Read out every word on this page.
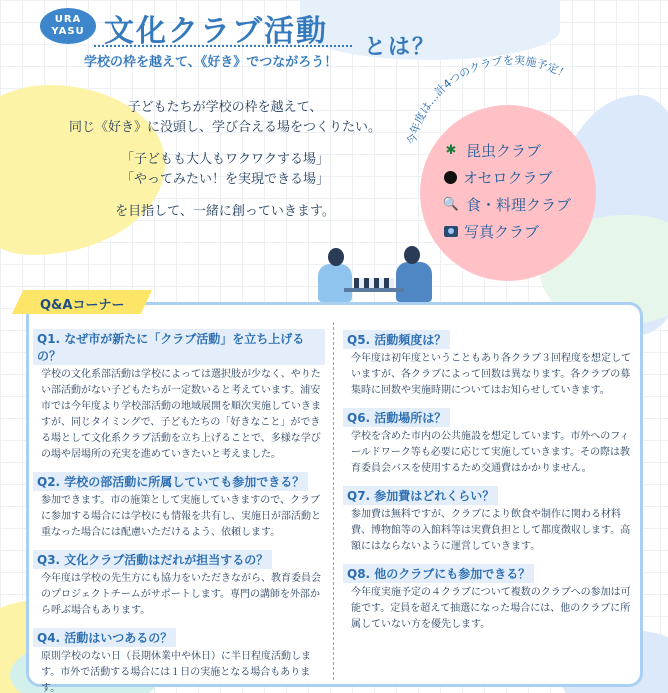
URA
YASU 文化クラブ活動 とは？
学校の枠を越えて、《好き》でつながろう！

子どもたちが学校の枠を越えて、
同じ《好き》に没頭し、学び合える場をつくりたい。

「子どもも大人もワクワクする場」
「やってみたい！を実現できる場」

を目指して、一緒に創っていきます。

今年度は…計4つのクラブを実施予定！
✱ 昆虫クラブ
オセロクラブ
🔍 食・料理クラブ
写真クラブ
Q&Aコーナー
Q1. なぜ市が新たに「クラブ活動」を立ち上げるの？
学校の文化系部活動は学校によっては選択肢が少なく、やりたい部活動がない子どもたちが一定数いると考えています。浦安市では今年度より学校部活動の地域展開を順次実施していきますが、同じタイミングで、子どもたちの「好きなこと」ができる場として文化系クラブ活動を立ち上げることで、多様な学びの場や居場所の充実を進めていきたいと考えました。
Q2. 学校の部活動に所属していても参加できる？
参加できます。市の施策として実施していきますので、クラブに参加する場合には学校にも情報を共有し、実施日が部活動と重なった場合には配慮いただけるよう、依頼します。
Q3. 文化クラブ活動はだれが担当するの？
今年度は学校の先生方にも協力をいただきながら、教育委員会のプロジェクトチームがサポートします。専門の講師を外部から呼ぶ場合もあります。
Q4. 活動はいつあるの？
原則学校のない日（長期休業中や休日）に半日程度活動します。市外で活動する場合には１日の実施となる場合もあります。
Q5. 活動頻度は？
今年度は初年度ということもあり各クラブ３回程度を想定していますが、各クラブによって回数は異なります。各クラブの募集時に回数や実施時期についてはお知らせしていきます。
Q6. 活動場所は？
学校を含めた市内の公共施設を想定しています。市外へのフィールドワーク等も必要に応じて実施していきます。その際は教育委員会バスを使用するため交通費はかかりません。
Q7. 参加費はどれくらい？
参加費は無料ですが、クラブにより飲食や制作に関わる材料費、博物館等の入館料等は実費負担として都度徴収します。高額にはならないように運営していきます。
Q8. 他のクラブにも参加できる？
今年度実施予定の４クラブについて複数のクラブへの参加は可能です。定員を超えて抽選になった場合には、他のクラブに所属していない方を優先します。
